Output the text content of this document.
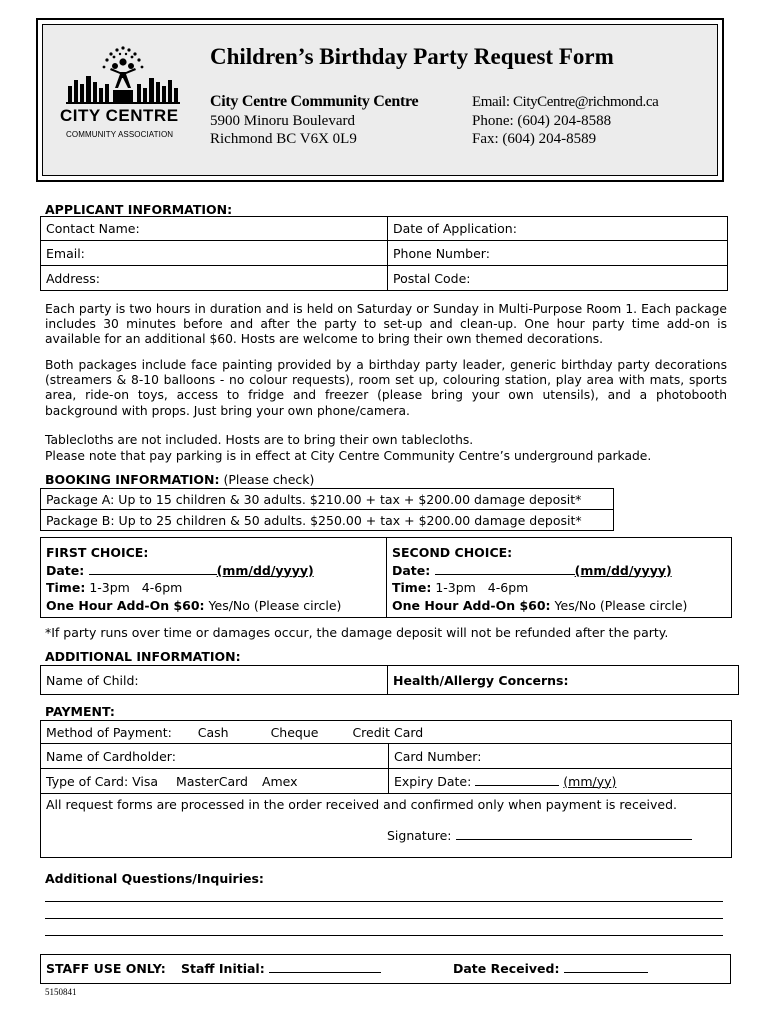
CITY CENTRE
COMMUNITY ASSOCIATION
Children’s Birthday Party Request Form
City Centre Community Centre
5900 Minoru Boulevard
Richmond BC V6X 0L9
Email: CityCentre@richmond.ca
Phone: (604) 204-8588
Fax: (604) 204-8589
APPLICANT INFORMATION:
Contact Name:	Date of Application:
Email:	Phone Number:
Address:	Postal Code:
Each party is two hours in duration and is held on Saturday or Sunday in Multi-Purpose Room 1. Each package includes 30 minutes before and after the party to set-up and clean-up. One hour party time add-on is available for an additional $60. Hosts are welcome to bring their own themed decorations.
Both packages include face painting provided by a birthday party leader, generic birthday party decorations (streamers & 8-10 balloons - no colour requests), room set up, colouring station, play area with mats, sports area, ride-on toys, access to fridge and freezer (please bring your own utensils), and a photobooth background with props. Just bring your own phone/camera.
Tablecloths are not included. Hosts are to bring their own tablecloths.
Please note that pay parking is in effect at City Centre Community Centre’s underground parkade.
BOOKING INFORMATION: (Please check)
Package A: Up to 15 children & 30 adults. $210.00 + tax + $200.00 damage deposit*
Package B: Up to 25 children & 50 adults. $250.00 + tax + $200.00 damage deposit*
FIRST CHOICE:
Date:	(mm/dd/yyyy)
Time: 1-3pm 4-6pm
One Hour Add-On $60: Yes/No (Please circle)

SECOND CHOICE:
Date:	(mm/dd/yyyy)
Time: 1-3pm 4-6pm
One Hour Add-On $60: Yes/No (Please circle)
*If party runs over time or damages occur, the damage deposit will not be refunded after the party.
ADDITIONAL INFORMATION:
Name of Child:	Health/Allergy Concerns:
PAYMENT:
Method of Payment: Cash Cheque Credit Card	
Name of Cardholder:	Card Number:
Type of Card: Visa MasterCard Amex	Expiry Date: (mm/yy)

All request forms are processed in the order received and confirmed only when payment is received.
Signature:	
Additional Questions/Inquiries:
STAFF USE ONLY: Staff Initial:	Date Received:
5150841
